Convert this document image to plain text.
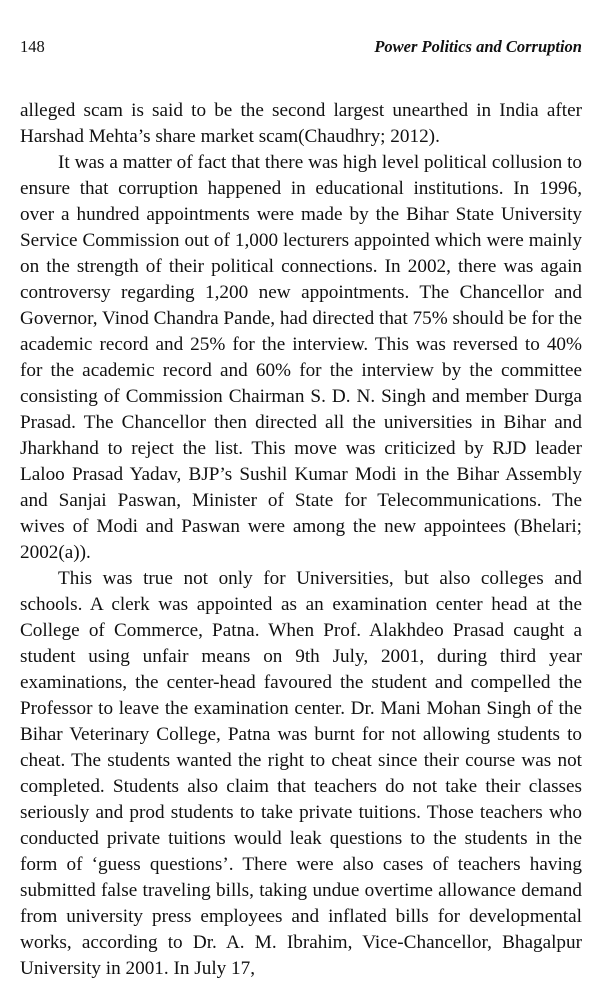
148	Power Politics and Corruption

alleged scam is said to be the second largest unearthed in India after Harshad Mehta’s share market scam(Chaudhry; 2012).

It was a matter of fact that there was high level political collusion to ensure that corruption happened in educational institutions. In 1996, over a hundred appointments were made by the Bihar State University Service Commission out of 1,000 lecturers appointed which were mainly on the strength of their political connections. In 2002, there was again controversy regarding 1,200 new appointments. The Chancellor and Governor, Vinod Chandra Pande, had directed that 75% should be for the academic record and 25% for the interview. This was reversed to 40% for the academic record and 60% for the interview by the committee consisting of Commission Chairman S. D. N. Singh and member Durga Prasad. The Chancellor then directed all the universities in Bihar and Jharkhand to reject the list. This move was criticized by RJD leader Laloo Prasad Yadav, BJP’s Sushil Kumar Modi in the Bihar Assembly and Sanjai Paswan, Minister of State for Telecommunications. The wives of Modi and Paswan were among the new appointees (Bhelari; 2002(a)).

This was true not only for Universities, but also colleges and schools. A clerk was appointed as an examination center head at the College of Commerce, Patna. When Prof. Alakhdeo Prasad caught a student using unfair means on 9th July, 2001, during third year examinations, the center-head favoured the student and compelled the Professor to leave the examination center. Dr. Mani Mohan Singh of the Bihar Veterinary College, Patna was burnt for not allowing students to cheat. The students wanted the right to cheat since their course was not completed. Students also claim that teachers do not take their classes seriously and prod students to take private tuitions. Those teachers who conducted private tuitions would leak questions to the students in the form of ‘guess questions’. There were also cases of teachers having submitted false traveling bills, taking undue overtime allowance demand from university press employees and inflated bills for developmental works, according to Dr. A. M. Ibrahim, Vice-Chancellor, Bhagalpur University in 2001. In July 17,
